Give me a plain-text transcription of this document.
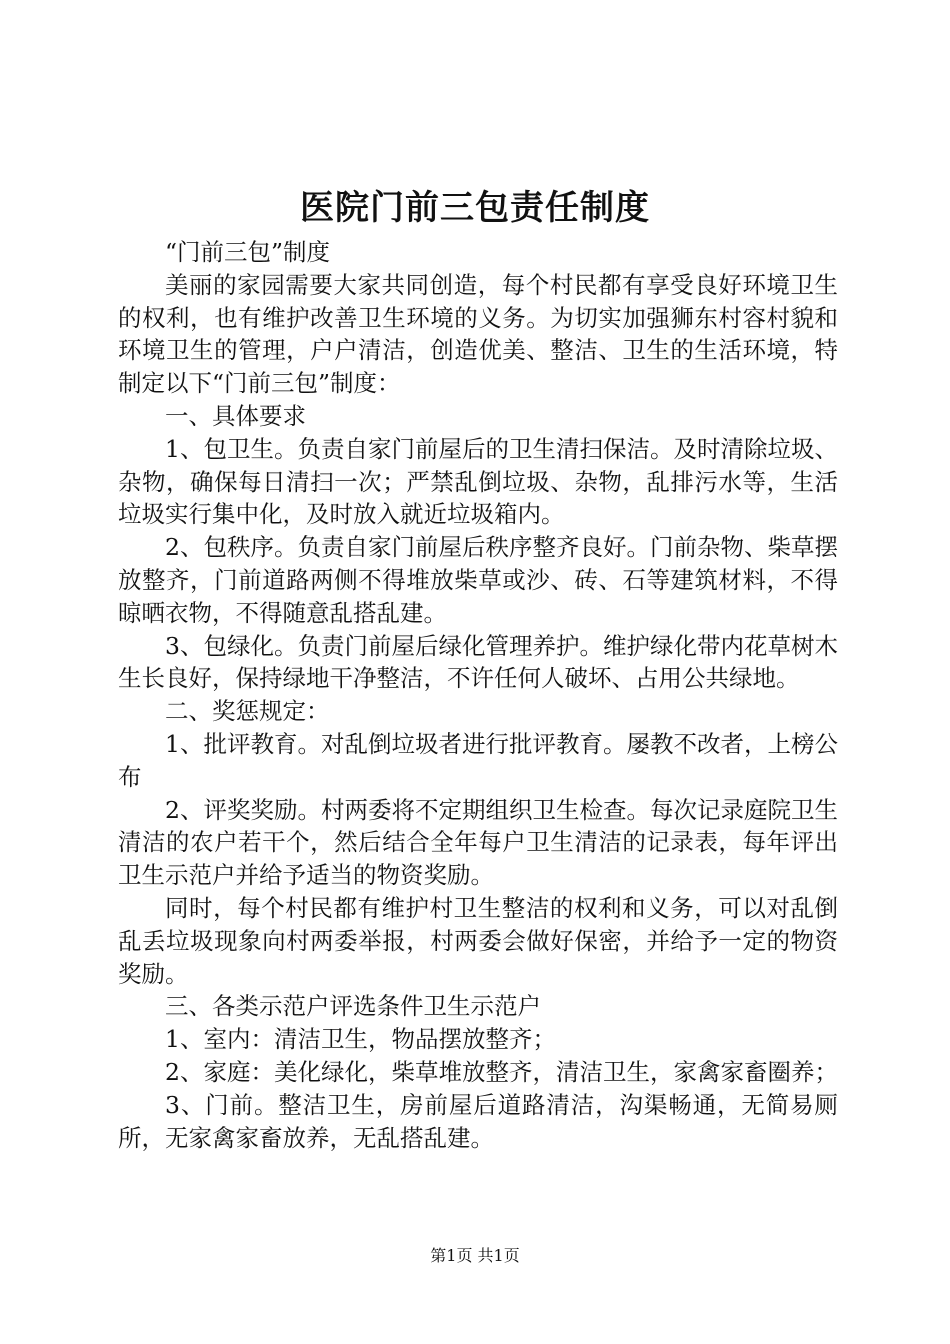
医院门前三包责任制度

“门前三包”制度

美丽的家园需要大家共同创造，每个村民都有享受良好环境卫生的权利，也有维护改善卫生环境的义务。为切实加强狮东村容村貌和环境卫生的管理，户户清洁，创造优美、整洁、卫生的生活环境，特制定以下“门前三包”制度：

一、具体要求

1、包卫生。负责自家门前屋后的卫生清扫保洁。及时清除垃圾、杂物，确保每日清扫一次；严禁乱倒垃圾、杂物，乱排污水等，生活垃圾实行集中化，及时放入就近垃圾箱内。

2、包秩序。负责自家门前屋后秩序整齐良好。门前杂物、柴草摆放整齐，门前道路两侧不得堆放柴草或沙、砖、石等建筑材料，不得晾晒衣物，不得随意乱搭乱建。

3、包绿化。负责门前屋后绿化管理养护。维护绿化带内花草树木生长良好，保持绿地干净整洁，不许任何人破坏、占用公共绿地。

二、奖惩规定：

1、批评教育。对乱倒垃圾者进行批评教育。屡教不改者，上榜公布

2、评奖奖励。村两委将不定期组织卫生检查。每次记录庭院卫生清洁的农户若干个，然后结合全年每户卫生清洁的记录表，每年评出卫生示范户并给予适当的物资奖励。

同时，每个村民都有维护村卫生整洁的权利和义务，可以对乱倒乱丢垃圾现象向村两委举报，村两委会做好保密，并给予一定的物资奖励。

三、各类示范户评选条件卫生示范户

1、室内：清洁卫生，物品摆放整齐；

2、家庭：美化绿化，柴草堆放整齐，清洁卫生，家禽家畜圈养；

3、门前。整洁卫生，房前屋后道路清洁，沟渠畅通，无简易厕所，无家禽家畜放养，无乱搭乱建。

第1页 共1页
